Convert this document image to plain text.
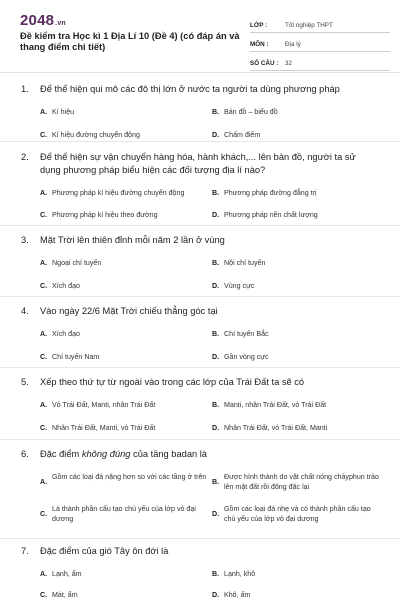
2048.vn
Đề kiểm tra Học kì 1 Địa Lí 10 (Đề 4) (có đáp án và thang điểm chi tiết)
LỚP :	Tốt nghiệp THPT
MÔN :	Địa lý
SỐ CÂU :	32
1. Để thể hiện qui mô các đô thị lớn ở nước ta người ta dùng phương pháp
A. Kí hiệu	B. Bản đồ – biểu đồ
C. Kí hiệu đường chuyển động	D. Chấm điểm
2. Để thể hiện sự vận chuyển hàng hóa, hành khách,... lên bản đồ, người ta sử dụng phương pháp biểu hiện các đối tượng địa lí nào?
A. Phương pháp kí hiệu đường chuyển động	B. Phương pháp đường đẳng trị
C. Phương pháp kí hiệu theo đường	D. Phương pháp nền chất lượng
3. Mặt Trời lên thiên đỉnh mỗi năm 2 lần ở vùng
A. Ngoại chí tuyến	B. Nội chí tuyến
C. Xích đạo	D. Vùng cực
4. Vào ngày 22/6 Mặt Trời chiếu thẳng góc tại
A. Xích đạo	B. Chí tuyến Bắc
C. Chí tuyến Nam	D. Gần vòng cực
5. Xếp theo thứ tự từ ngoài vào trong các lớp của Trái Đất ta sẽ có
A. Vỏ Trái Đất, Manti, nhân Trái Đất	B. Manti, nhân Trái Đất, vỏ Trái Đất
C. Nhân Trái Đất, Manti, vỏ Trái Đất	D. Nhân Trái Đất, vỏ Trái Đất, Manti
6. Đặc điểm không đúng của tầng badan là
A.
Gồm các loại đá nặng hơn so với các tầng ở trên
B.
Được hình thành do vật chất nóng chảyphun trào lên mặt đất rồi đông đặc lại
C.
Là thành phần cấu tạo chủ yếu của lớp vỏ đại dương
D.
Gồm các loại đá nhẹ và có thành phần cấu tạo chủ yếu của lớp vỏ đại dương
7. Đặc điểm của gió Tây ôn đới là
A. Lạnh, ẩm	B. Lạnh, khô
C. Mát, ẩm	D. Khô, ấm
